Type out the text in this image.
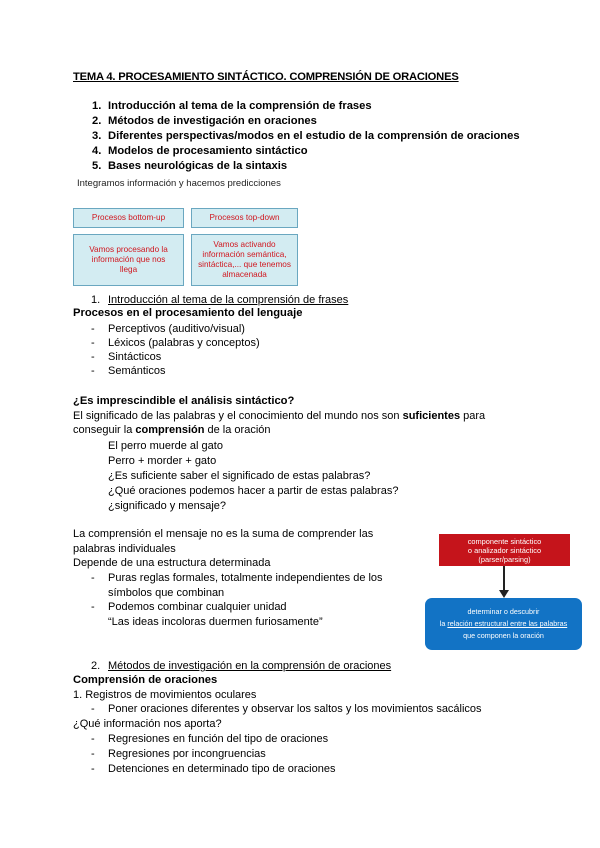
TEMA 4. PROCESAMIENTO SINTÁCTICO. COMPRENSIÓN DE ORACIONES
1. Introducción al tema de la comprensión de frases
2. Métodos de investigación en oraciones
3. Diferentes perspectivas/modos en el estudio de la comprensión de oraciones
4. Modelos de procesamiento sintáctico
5. Bases neurológicas de la sintaxis
Integramos información y hacemos predicciones
Procesos bottom-up	Procesos top-down
Vamos procesando la información que nos llega
Vamos activando información semántica, sintáctica,... que tenemos almacenada
1. Introducción al tema de la comprensión de frases
Procesos en el procesamiento del lenguaje
- Perceptivos (auditivo/visual)
- Léxicos (palabras y conceptos)
- Sintácticos
- Semánticos
¿Es imprescindible el análisis sintáctico?
El significado de las palabras y el conocimiento del mundo nos son suficientes para
conseguir la comprensión de la oración
El perro muerde al gato
Perro + morder + gato
¿Es suficiente saber el significado de estas palabras?
¿Qué oraciones podemos hacer a partir de estas palabras?
¿significado y mensaje?
La comprensión el mensaje no es la suma de comprender las
palabras individuales
Depende de una estructura determinada
- Puras reglas formales, totalmente independientes de los
símbolos que combinan
- Podemos combinar cualquier unidad
“Las ideas incoloras duermen furiosamente”
componente sintáctico
o analizador sintáctico
(parser/parsing)
determinar o descubrir
la relación estructural entre las palabras
que componen la oración
2. Métodos de investigación en la comprensión de oraciones
Comprensión de oraciones
1. Registros de movimientos oculares
- Poner oraciones diferentes y observar los saltos y los movimientos sacálicos
¿Qué información nos aporta?
- Regresiones en función del tipo de oraciones
- Regresiones por incongruencias
- Detenciones en determinado tipo de oraciones
